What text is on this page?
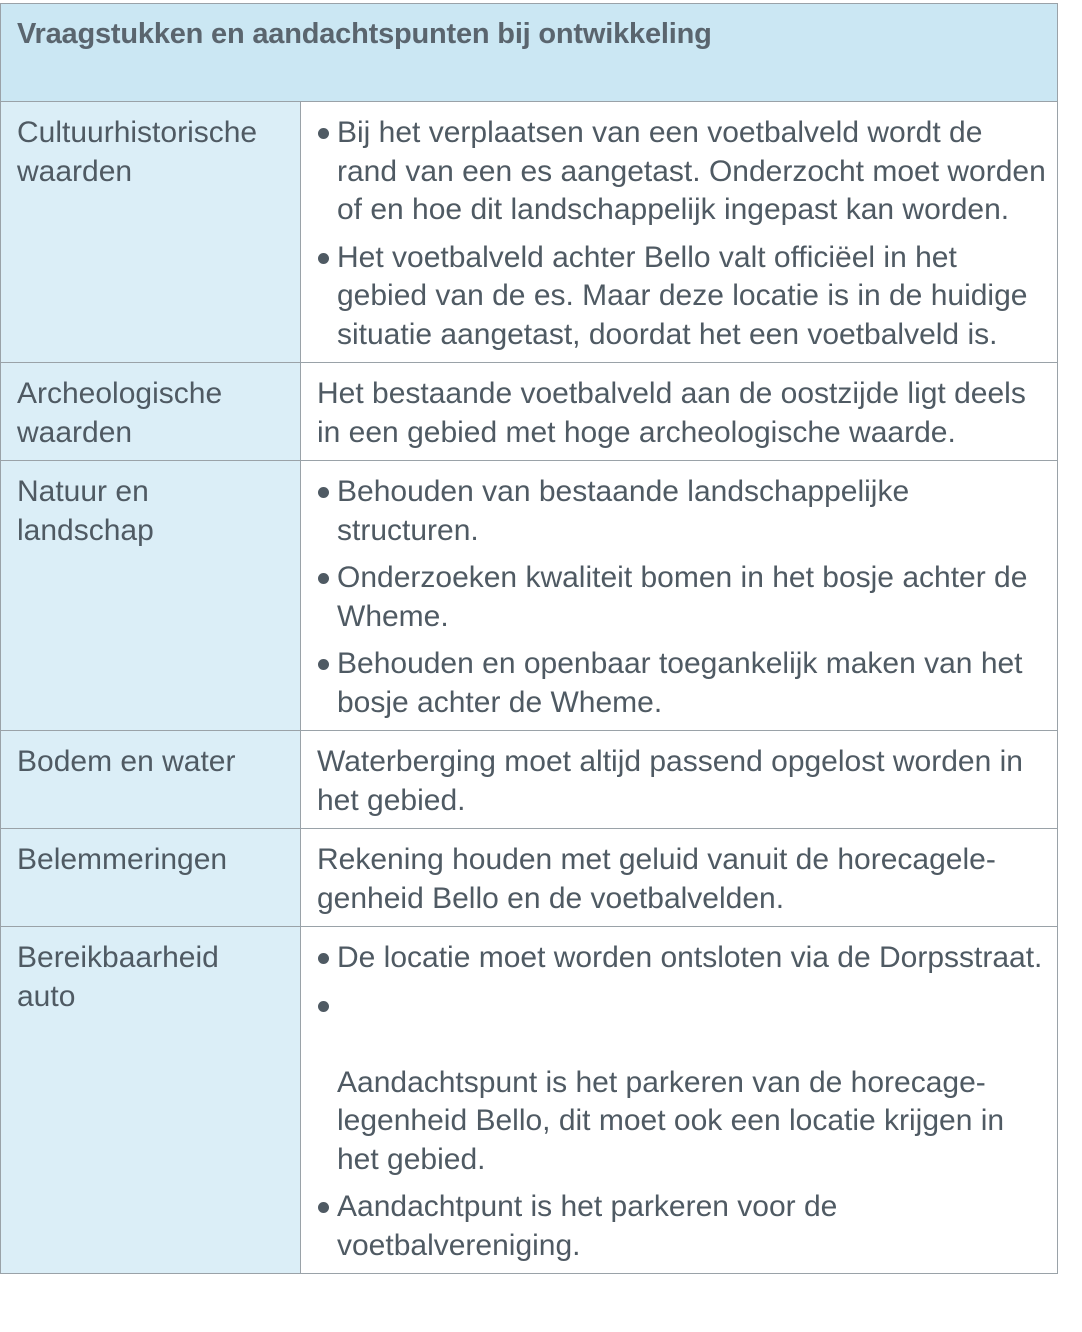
Vraagstukken en aandachtspunten bij ontwikkeling
Cultuurhistorische
waarden
Bij het verplaatsen van een voetbalveld wordt de rand van een es aangetast. Onderzocht moet worden of en hoe dit landschappelijk ingepast kan worden.
Het voetbalveld achter Bello valt officiëel in het gebied van de es. Maar deze locatie is in de huidige situatie aangetast, doordat het een voetbalveld is.
Archeologische
waarden

Het bestaande voetbalveld aan de oostzijde ligt deels in een gebied met hoge archeologische waarde.

Natuur en
landschap
Behouden van bestaande landschappelijke structuren.
Onderzoeken kwaliteit bomen in het bosje achter de Wheme.
Behouden en openbaar toegankelijk maken van het bosje achter de Wheme.
Bodem en water	Waterberging moet altijd passend opgelost worden in het gebied.

Belemmeringen	Rekening houden met geluid vanuit de horecagele-
genheid Bello en de voetbalvelden.

Bereikbaarheid
auto
De locatie moet worden ontsloten via de Dorpsstraat.

Aandachtspunt is het parkeren van de horecage-
legenheid Bello, dit moet ook een locatie krijgen in het gebied.

Aandachtpunt is het parkeren voor de voetbalvereniging.
